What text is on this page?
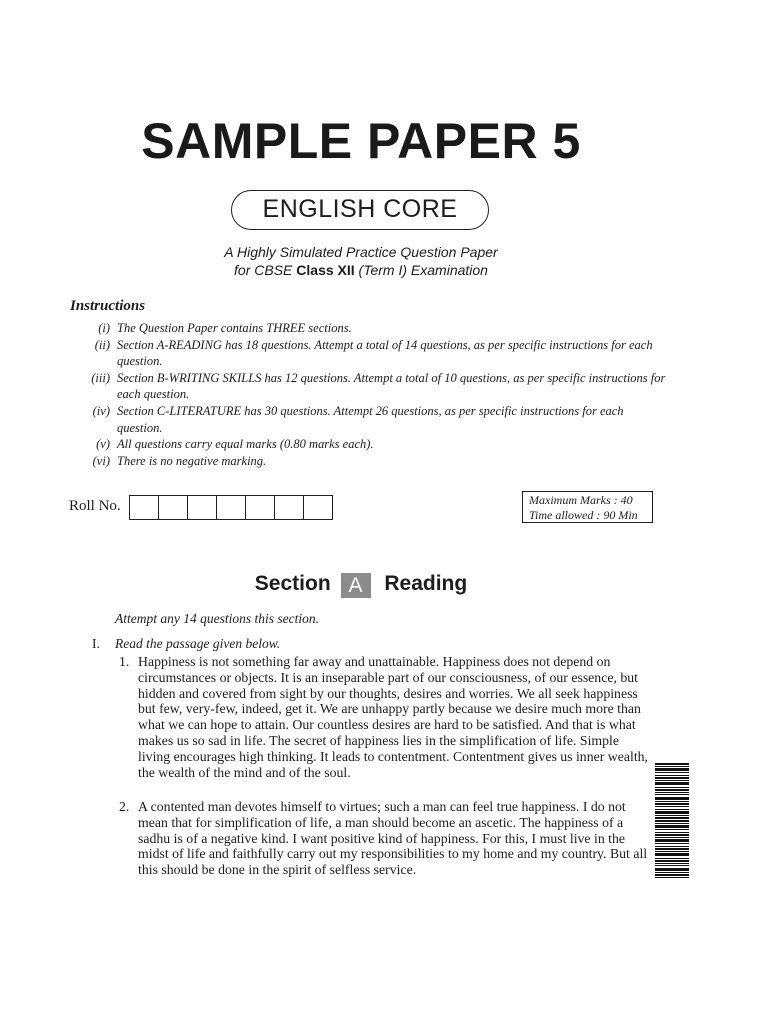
SAMPLE PAPER 5
ENGLISH CORE
A Highly Simulated Practice Question Paper
for CBSE Class XII (Term I) Examination
Instructions
(i) The Question Paper contains THREE sections.
(ii) Section A-READING has 18 questions. Attempt a total of 14 questions, as per specific instructions for each question.
(iii) Section B-WRITING SKILLS has 12 questions. Attempt a total of 10 questions, as per specific instructions for each question.
(iv) Section C-LITERATURE has 30 questions. Attempt 26 questions, as per specific instructions for each question.
(v) All questions carry equal marks (0.80 marks each).
(vi) There is no negative marking.
Roll No.	Maximum Marks : 40
Time allowed : 90 Min
Section A Reading
Attempt any 14 questions this section.
I. Read the passage given below.
1. Happiness is not something far away and unattainable. Happiness does not depend on circumstances or objects. It is an inseparable part of our consciousness, of our essence, but hidden and covered from sight by our thoughts, desires and worries. We all seek happiness but few, very-few, indeed, get it. We are unhappy partly because we desire much more than what we can hope to attain. Our countless desires are hard to be satisfied. And that is what makes us so sad in life. The secret of happiness lies in the simplification of life. Simple living encourages high thinking. It leads to contentment. Contentment gives us inner wealth, the wealth of the mind and of the soul.
2. A contented man devotes himself to virtues; such a man can feel true happiness. I do not mean that for simplification of life, a man should become an ascetic. The happiness of a sadhu is of a negative kind. I want positive kind of happiness. For this, I must live in the midst of life and faithfully carry out my responsibilities to my home and my country. But all this should be done in the spirit of selfless service.
